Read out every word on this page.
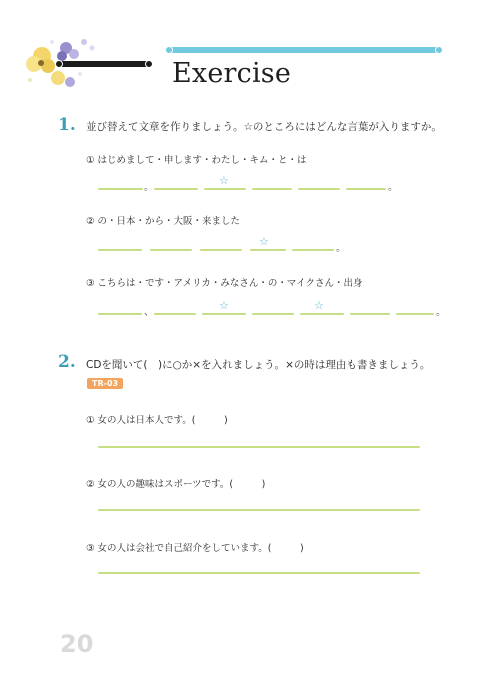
Exercise
1. 並び替えて文章を作りましょう。☆のところにはどんな言葉が入りますか。
① はじめまして・申します・わたし・キム・と・は
。
☆
。
② の・日本・から・大阪・来ました
☆
。
③ こちらは・です・アメリカ・みなさん・の・マイクさん・出身
、
☆	☆
。
2. CDを聞いて(　)に○か×を入れましょう。×の時は理由も書きましょう。
TR-03
① 女の人は日本人です。(　　　)
② 女の人の趣味はスポーツです。(　　　)
③ 女の人は会社で自己紹介をしています。(　　　)
20
